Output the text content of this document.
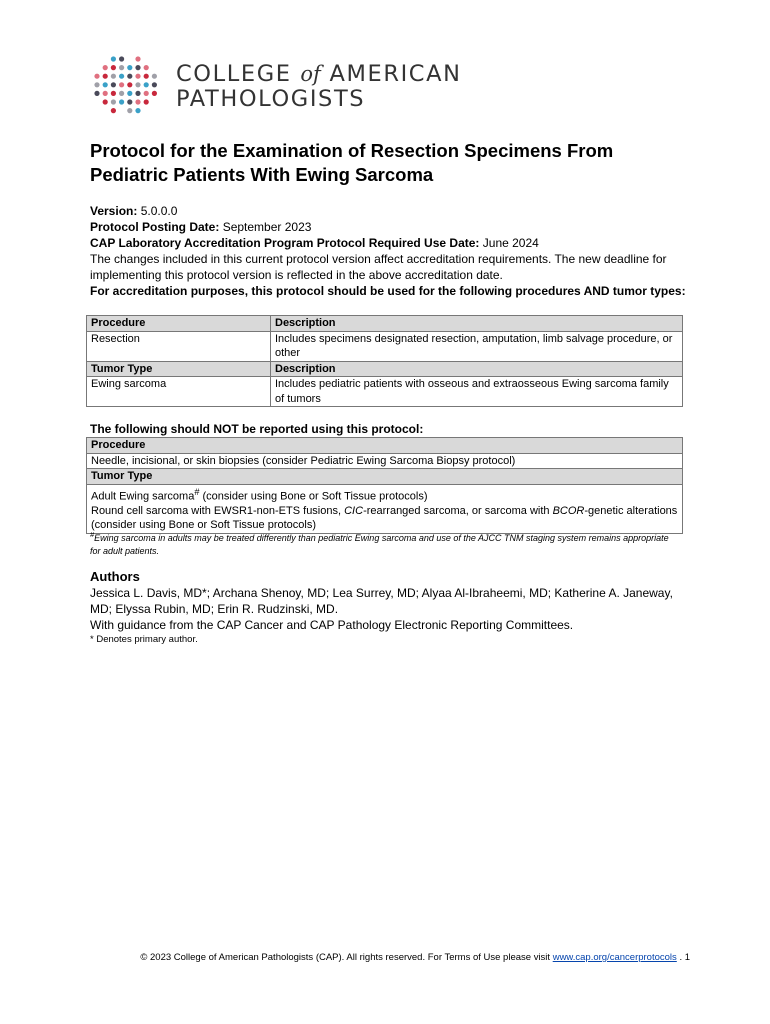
COLLEGE of AMERICAN
PATHOLOGISTS
Protocol for the Examination of Resection Specimens From Pediatric Patients With Ewing Sarcoma

Version: 5.0.0.0

Protocol Posting Date: September 2023

CAP Laboratory Accreditation Program Protocol Required Use Date: June 2024

The changes included in this current protocol version affect accreditation requirements. The new deadline for implementing this protocol version is reflected in the above accreditation date.

For accreditation purposes, this protocol should be used for the following procedures AND tumor types:

Procedure	Description
Resection	Includes specimens designated resection, amputation, limb salvage procedure, or other
Tumor Type	Description
Ewing sarcoma	Includes pediatric patients with osseous and extraosseous Ewing sarcoma family of tumors

The following should NOT be reported using this protocol:

Procedure
Needle, incisional, or skin biopsies (consider Pediatric Ewing Sarcoma Biopsy protocol)
Tumor Type
Adult Ewing sarcoma# (consider using Bone or Soft Tissue protocols)
Round cell sarcoma with EWSR1-non-ETS fusions, CIC-rearranged sarcoma, or sarcoma with BCOR-genetic alterations (consider using Bone or Soft Tissue protocols)

#Ewing sarcoma in adults may be treated differently than pediatric Ewing sarcoma and use of the AJCC TNM staging system remains appropriate for adult patients.

Authors

Jessica L. Davis, MD*; Archana Shenoy, MD; Lea Surrey, MD; Alyaa Al-Ibraheemi, MD; Katherine A. Janeway, MD; Elyssa Rubin, MD; Erin R. Rudzinski, MD.
With guidance from the CAP Cancer and CAP Pathology Electronic Reporting Committees.

* Denotes primary author.

© 2023 College of American Pathologists (CAP). All rights reserved. For Terms of Use please visit www.cap.org/cancerprotocols . 1
